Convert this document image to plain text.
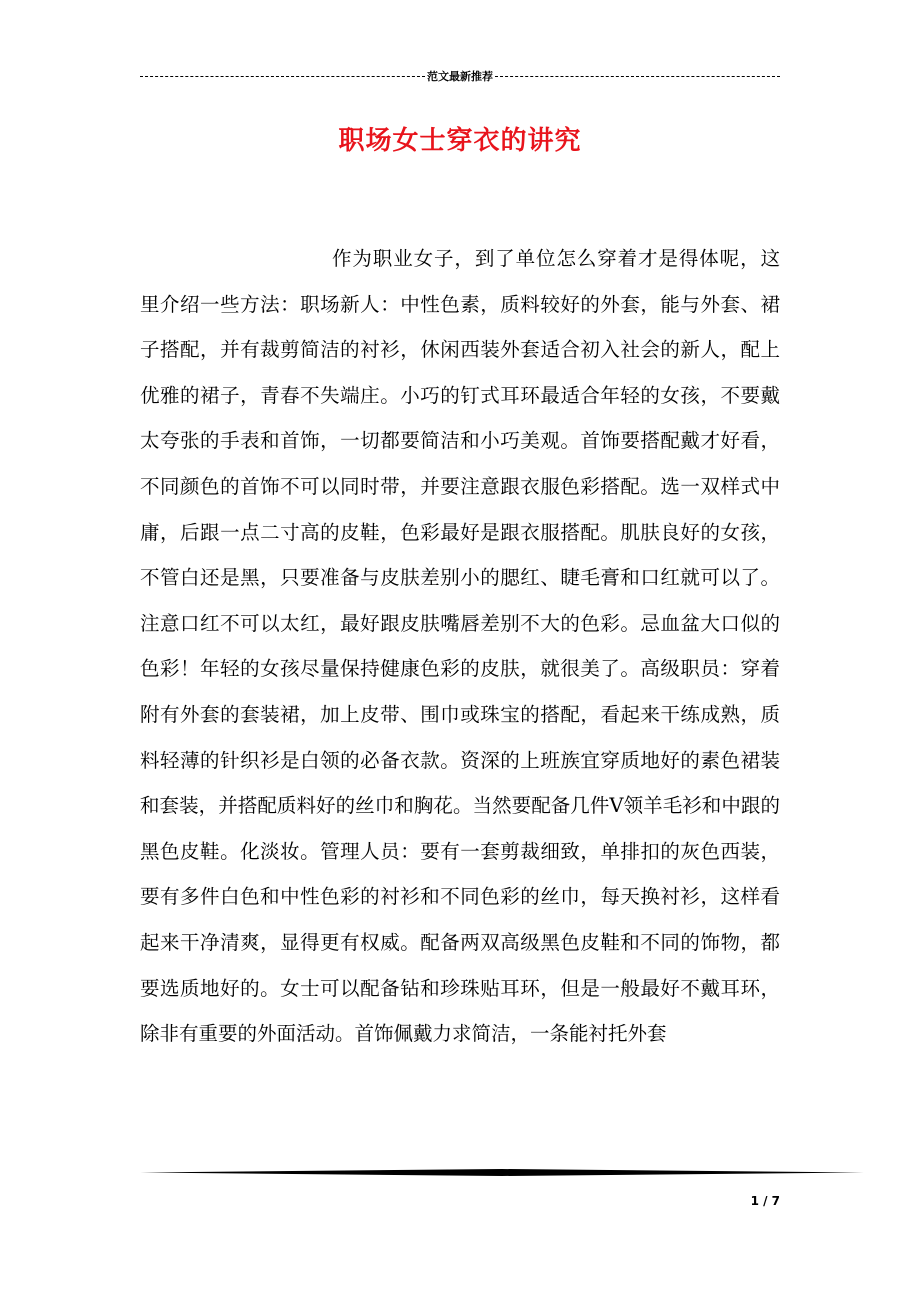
范文最新推荐
职场女士穿衣的讲究

作为职业女子，到了单位怎么穿着才是得体呢，这里介绍一些方法：职场新人：中性色素，质料较好的外套，能与外套、裙子搭配，并有裁剪简洁的衬衫，休闲西装外套适合初入社会的新人，配上优雅的裙子，青春不失端庄。小巧的钉式耳环最适合年轻的女孩，不要戴太夸张的手表和首饰，一切都要简洁和小巧美观。首饰要搭配戴才好看，不同颜色的首饰不可以同时带，并要注意跟衣服色彩搭配。选一双样式中庸，后跟一点二寸高的皮鞋，色彩最好是跟衣服搭配。肌肤良好的女孩，不管白还是黑，只要准备与皮肤差别小的腮红、睫毛膏和口红就可以了。注意口红不可以太红，最好跟皮肤嘴唇差别不大的色彩。忌血盆大口似的色彩！年轻的女孩尽量保持健康色彩的皮肤，就很美了。高级职员：穿着附有外套的套装裙，加上皮带、围巾或珠宝的搭配，看起来干练成熟，质料轻薄的针织衫是白领的必备衣款。资深的上班族宜穿质地好的素色裙装和套装，并搭配质料好的丝巾和胸花。当然要配备几件V领羊毛衫和中跟的黑色皮鞋。化淡妆。管理人员：要有一套剪裁细致，单排扣的灰色西装，要有多件白色和中性色彩的衬衫和不同色彩的丝巾，每天换衬衫，这样看起来干净清爽，显得更有权威。配备两双高级黑色皮鞋和不同的饰物，都要选质地好的。女士可以配备钻和珍珠贴耳环，但是一般最好不戴耳环，除非有重要的外面活动。首饰佩戴力求简洁，一条能衬托外套

1 / 7
